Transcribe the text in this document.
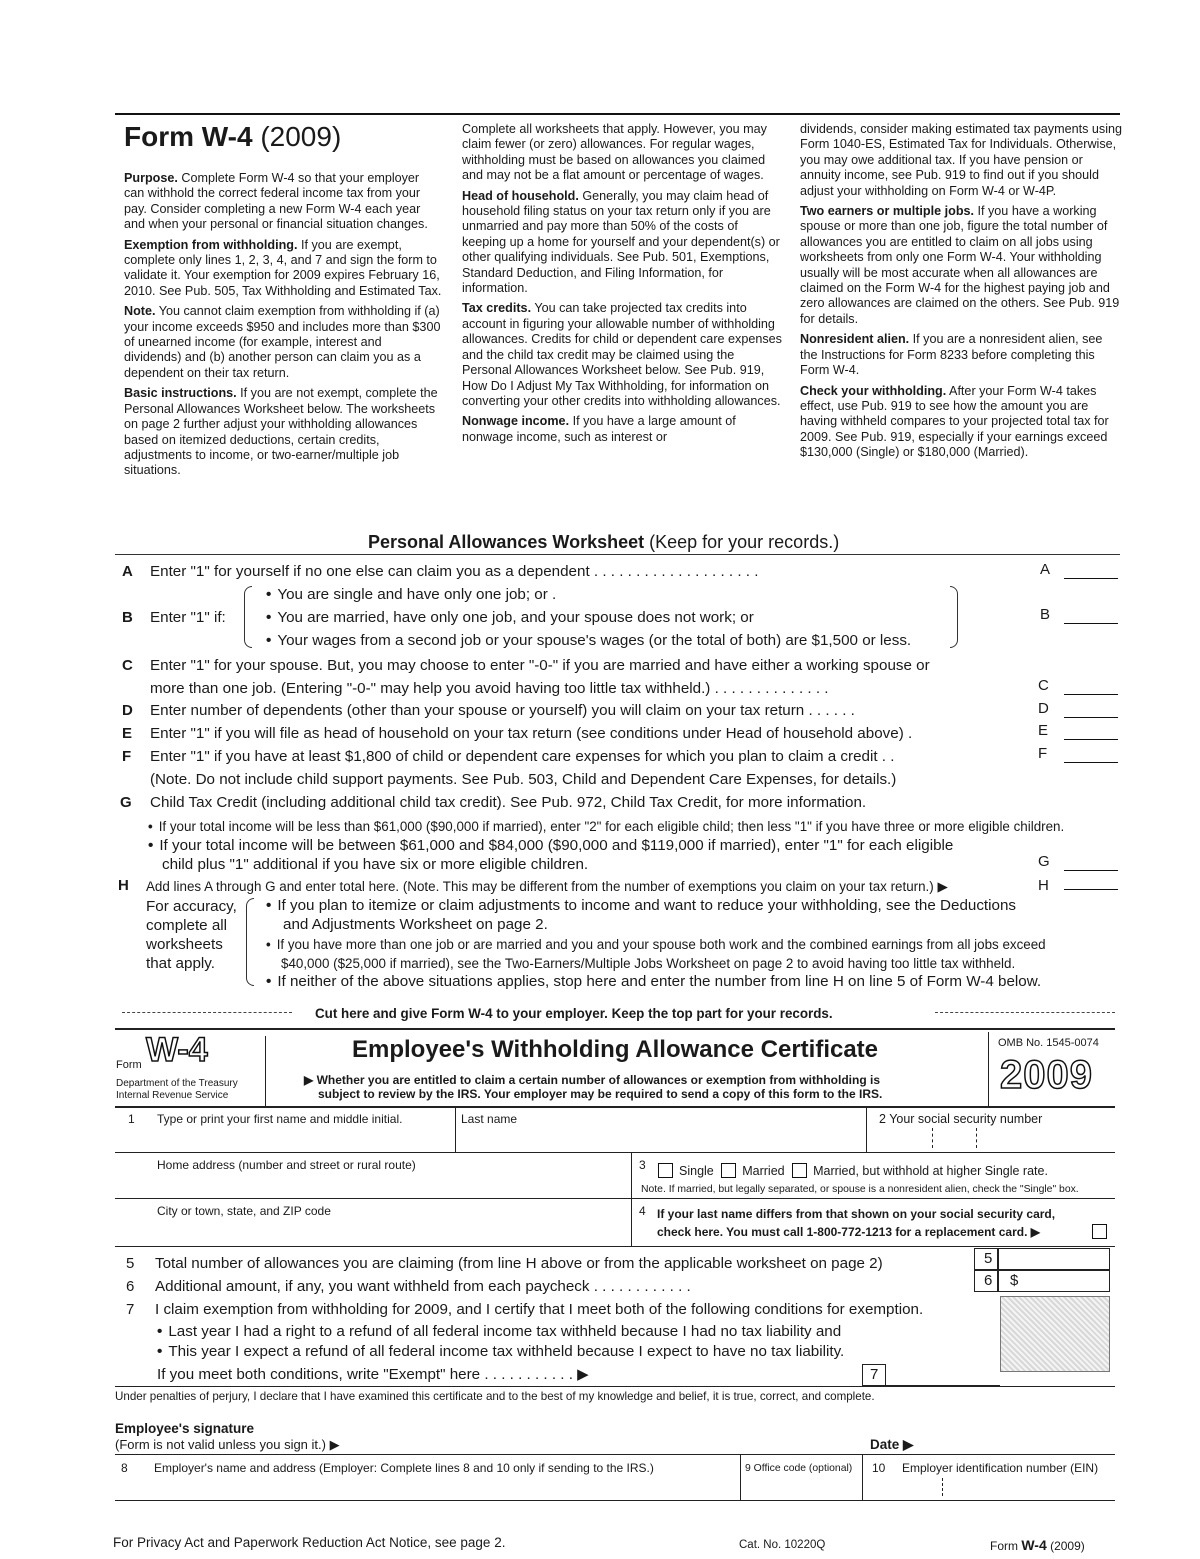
Form W-4 (2009)

Purpose. Complete Form W-4 so that your employer can withhold the correct federal income tax from your pay. Consider completing a new Form W-4 each year and when your personal or financial situation changes.

Exemption from withholding. If you are exempt, complete only lines 1, 2, 3, 4, and 7 and sign the form to validate it. Your exemption for 2009 expires February 16, 2010. See Pub. 505, Tax Withholding and Estimated Tax.

Note. You cannot claim exemption from withholding if (a) your income exceeds $950 and includes more than $300 of unearned income (for example, interest and dividends) and (b) another person can claim you as a dependent on their tax return.

Basic instructions. If you are not exempt, complete the Personal Allowances Worksheet below. The worksheets on page 2 further adjust your withholding allowances based on itemized deductions, certain credits, adjustments to income, or two-earner/multiple job situations.

Complete all worksheets that apply. However, you may claim fewer (or zero) allowances. For regular wages, withholding must be based on allowances you claimed and may not be a flat amount or percentage of wages.

Head of household. Generally, you may claim head of household filing status on your tax return only if you are unmarried and pay more than 50% of the costs of keeping up a home for yourself and your dependent(s) or other qualifying individuals. See Pub. 501, Exemptions, Standard Deduction, and Filing Information, for information.

Tax credits. You can take projected tax credits into account in figuring your allowable number of withholding allowances. Credits for child or dependent care expenses and the child tax credit may be claimed using the Personal Allowances Worksheet below. See Pub. 919, How Do I Adjust My Tax Withholding, for information on converting your other credits into withholding allowances.

Nonwage income. If you have a large amount of nonwage income, such as interest or

dividends, consider making estimated tax payments using Form 1040-ES, Estimated Tax for Individuals. Otherwise, you may owe additional tax. If you have pension or annuity income, see Pub. 919 to find out if you should adjust your withholding on Form W-4 or W-4P.

Two earners or multiple jobs. If you have a working spouse or more than one job, figure the total number of allowances you are entitled to claim on all jobs using worksheets from only one Form W-4. Your withholding usually will be most accurate when all allowances are claimed on the Form W-4 for the highest paying job and zero allowances are claimed on the others. See Pub. 919 for details.

Nonresident alien. If you are a nonresident alien, see the Instructions for Form 8233 before completing this Form W-4.

Check your withholding. After your Form W-4 takes effect, use Pub. 919 to see how the amount you are having withheld compares to your projected total tax for 2009. See Pub. 919, especially if your earnings exceed $130,000 (Single) or $180,000 (Married).

Personal Allowances Worksheet (Keep for your records.)
A Enter "1" for yourself if no one else can claim you as a dependent . . . . . . . . . . . . . . . . . . . .	A
B Enter "1" if:
• You are single and have only one job; or .
• You are married, have only one job, and your spouse does not work; or
• Your wages from a second job or your spouse's wages (or the total of both) are $1,500 or less.
B
C Enter "1" for your spouse. But, you may choose to enter "-0-" if you are married and have either a working spouse or
more than one job. (Entering "-0-" may help you avoid having too little tax withheld.) . . . . . . . . . . . . . .	C
D Enter number of dependents (other than your spouse or yourself) you will claim on your tax return . . . . . .	D
E Enter "1" if you will file as head of household on your tax return (see conditions under Head of household above) .	E
F Enter "1" if you have at least $1,800 of child or dependent care expenses for which you plan to claim a credit . .
(Note. Do not include child support payments. See Pub. 503, Child and Dependent Care Expenses, for details.)
F
G Child Tax Credit (including additional child tax credit). See Pub. 972, Child Tax Credit, for more information.
• If your total income will be less than $61,000 ($90,000 if married), enter "2" for each eligible child; then less "1" if you have three or more eligible children.
• If your total income will be between $61,000 and $84,000 ($90,000 and $119,000 if married), enter "1" for each eligible
child plus "1" additional if you have six or more eligible children.	G
H Add lines A through G and enter total here. (Note. This may be different from the number of exemptions you claim on your tax return.) ▶	H
For accuracy,
complete all
worksheets
that apply.
• If you plan to itemize or claim adjustments to income and want to reduce your withholding, see the Deductions
and Adjustments Worksheet on page 2.
• If you have more than one job or are married and you and your spouse both work and the combined earnings from all jobs exceed
$40,000 ($25,000 if married), see the Two-Earners/Multiple Jobs Worksheet on page 2 to avoid having too little tax withheld.
• If neither of the above situations applies, stop here and enter the number from line H on line 5 of Form W-4 below.
Cut here and give Form W-4 to your employer. Keep the top part for your records.
Form W-4
Department of the Treasury
Internal Revenue Service
Employee's Withholding Allowance Certificate
▶ Whether you are entitled to claim a certain number of allowances or exemption from withholding is
subject to review by the IRS. Your employer may be required to send a copy of this form to the IRS.
OMB No. 1545-0074
2009
1 Type or print your first name and middle initial.	Last name	2 Your social security number
Home address (number and street or rural route)	3	Single Married Married, but withhold at higher Single rate.
Note. If married, but legally separated, or spouse is a nonresident alien, check the "Single" box.
City or town, state, and ZIP code	4 If your last name differs from that shown on your social security card,
check here. You must call 1-800-772-1213 for a replacement card. ▶
5 Total number of allowances you are claiming (from line H above or from the applicable worksheet on page 2)
6 Additional amount, if any, you want withheld from each paycheck . . . . . . . . . . . .
7 I claim exemption from withholding for 2009, and I certify that I meet both of the following conditions for exemption.
• Last year I had a right to a refund of all federal income tax withheld because I had no tax liability and
• This year I expect a refund of all federal income tax withheld because I expect to have no tax liability.
If you meet both conditions, write "Exempt" here . . . . . . . . . . . ▶
5
6 $
7
Under penalties of perjury, I declare that I have examined this certificate and to the best of my knowledge and belief, it is true, correct, and complete.
Employee's signature
(Form is not valid unless you sign it.) ▶	Date ▶
8 Employer's name and address (Employer: Complete lines 8 and 10 only if sending to the IRS.)	9 Office code (optional) 10 Employer identification number (EIN)
For Privacy Act and Paperwork Reduction Act Notice, see page 2.	Cat. No. 10220Q	Form W-4 (2009)
